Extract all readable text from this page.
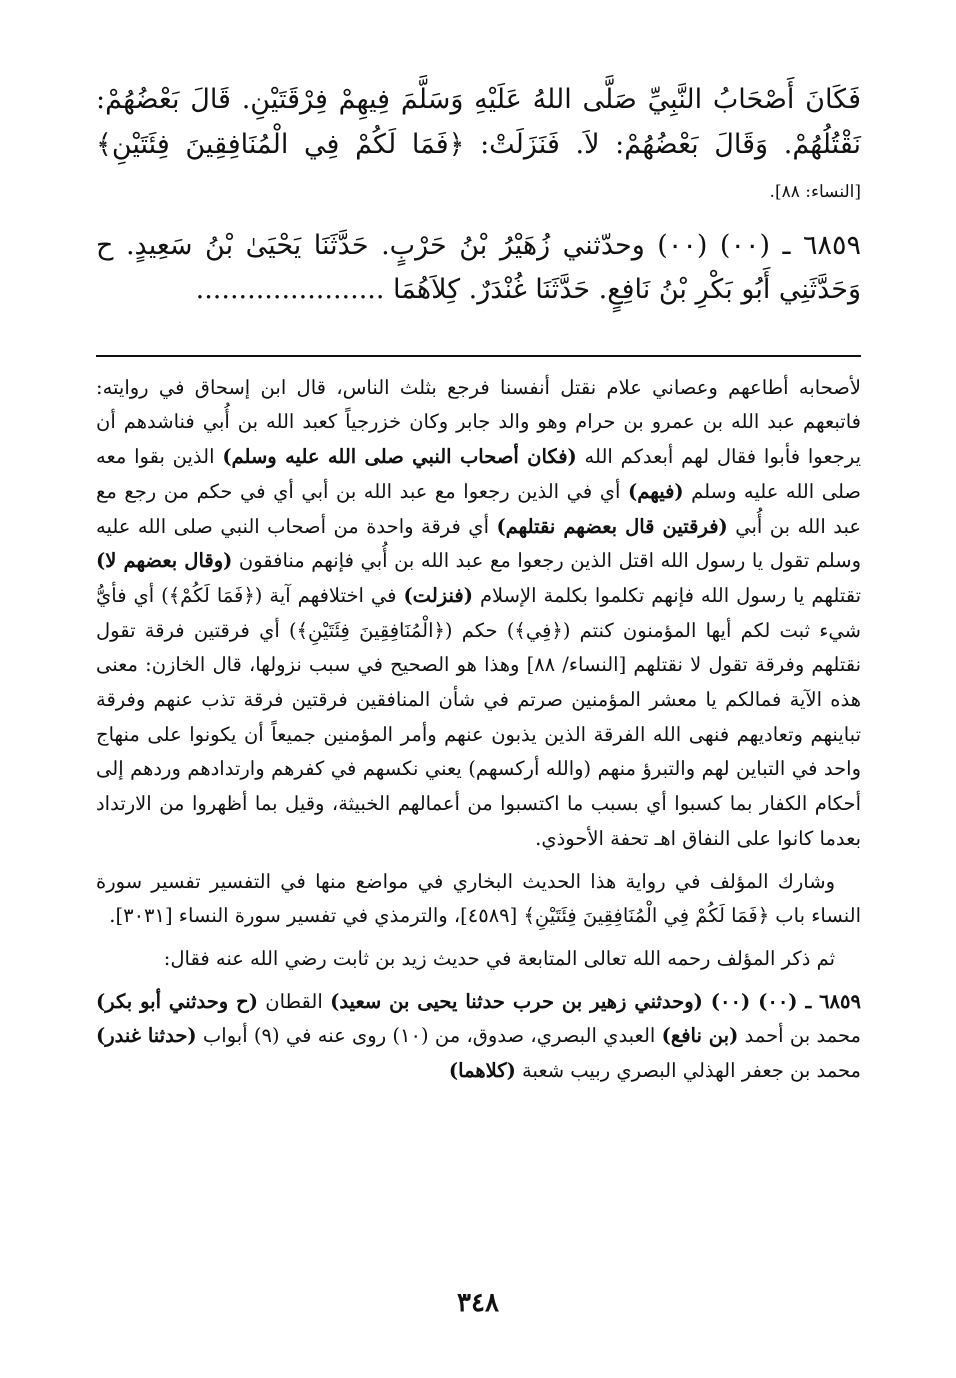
فَكَانَ أَصْحَابُ النَّبِيِّ صَلَّى اللهُ عَلَيْهِ وَسَلَّمَ فِيهِمْ فِرْقَتَيْنِ. قَالَ بَعْضُهُمْ: نَقْتُلُهُمْ. وَقَالَ بَعْضُهُمْ: لاَ. فَنَزَلَتْ: ﴿فَمَا لَكُمْ فِي الْمُنَافِقِينَ فِئَتَيْنِ﴾ [النساء: ٨٨].

٦٨٥٩ ـ (٠٠) (٠٠) وحدّثني زُهَيْرُ بْنُ حَرْبٍ. حَدَّثَنَا يَحْيَىٰ بْنُ سَعِيدٍ. ح وَحَدَّثَنِي أَبُو بَكْرِ بْنُ نَافِعٍ. حَدَّثَنَا غُنْدَرٌ. كِلاَهُمَا ......................

لأصحابه أطاعهم وعصاني علام نقتل أنفسنا فرجع بثلث الناس، قال ابن إسحاق في روايته: فاتبعهم عبد الله بن عمرو بن حرام وهو والد جابر وكان خزرجياً كعبد الله بن أُبي فناشدهم أن يرجعوا فأبوا فقال لهم أبعدكم الله (فكان أصحاب النبي صلى الله عليه وسلم) الذين بقوا معه صلى الله عليه وسلم (فيهم) أي في الذين رجعوا مع عبد الله بن أبي أي في حكم من رجع مع عبد الله بن أُبي (فرقتين قال بعضهم نقتلهم) أي فرقة واحدة من أصحاب النبي صلى الله عليه وسلم تقول يا رسول الله اقتل الذين رجعوا مع عبد الله بن أُبي فإنهم منافقون (وقال بعضهم لا) تقتلهم يا رسول الله فإنهم تكلموا بكلمة الإسلام (فنزلت) في اختلافهم آية (﴿فَمَا لَكُمْ﴾) أي فأيُّ شيء ثبت لكم أيها المؤمنون كنتم (﴿فِي﴾) حكم (﴿الْمُنَافِقِينَ فِئَتَيْنِ﴾) أي فرقتين فرقة تقول نقتلهم وفرقة تقول لا نقتلهم [النساء/ ٨٨] وهذا هو الصحيح في سبب نزولها، قال الخازن: معنى هذه الآية فمالكم يا معشر المؤمنين صرتم في شأن المنافقين فرقتين فرقة تذب عنهم وفرقة تباينهم وتعاديهم فنهى الله الفرقة الذين يذبون عنهم وأمر المؤمنين جميعاً أن يكونوا على منهاج واحد في التباين لهم والتبرؤ منهم (والله أركسهم) يعني نكسهم في كفرهم وارتدادهم وردهم إلى أحكام الكفار بما كسبوا أي بسبب ما اكتسبوا من أعمالهم الخبيثة، وقيل بما أظهروا من الارتداد بعدما كانوا على النفاق اهـ تحفة الأحوذي.

وشارك المؤلف في رواية هذا الحديث البخاري في مواضع منها في التفسير تفسير سورة النساء باب ﴿فَمَا لَكُمْ فِي الْمُنَافِقِينَ فِئَتَيْنِ﴾ [٤٥٨٩]، والترمذي في تفسير سورة النساء [٣٠٣١].

ثم ذكر المؤلف رحمه الله تعالى المتابعة في حديث زيد بن ثابت رضي الله عنه فقال:

٦٨٥٩ ـ (٠٠) (٠٠) (وحدثني زهير بن حرب حدثنا يحيى بن سعيد) القطان (ح وحدثني أبو بكر) محمد بن أحمد (بن نافع) العبدي البصري، صدوق، من (١٠) روى عنه في (٩) أبواب (حدثنا غندر) محمد بن جعفر الهذلي البصري ربيب شعبة (كلاهما)

٣٤٨
